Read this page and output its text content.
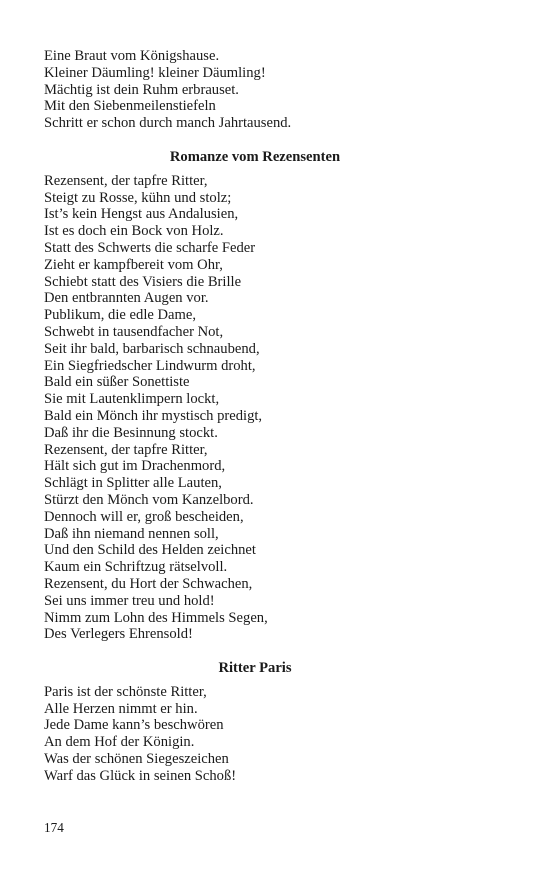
Eine Braut vom Königshause.
Kleiner Däumling! kleiner Däumling!
Mächtig ist dein Ruhm erbrauset.
Mit den Siebenmeilenstiefeln
Schritt er schon durch manch Jahrtausend.
Romanze vom Rezensenten
Rezensent, der tapfre Ritter,
Steigt zu Rosse, kühn und stolz;
Ist’s kein Hengst aus Andalusien,
Ist es doch ein Bock von Holz.
Statt des Schwerts die scharfe Feder
Zieht er kampfbereit vom Ohr,
Schiebt statt des Visiers die Brille
Den entbrannten Augen vor.
Publikum, die edle Dame,
Schwebt in tausendfacher Not,
Seit ihr bald, barbarisch schnaubend,
Ein Siegfriedscher Lindwurm droht,
Bald ein süßer Sonettiste
Sie mit Lautenklimpern lockt,
Bald ein Mönch ihr mystisch predigt,
Daß ihr die Besinnung stockt.
Rezensent, der tapfre Ritter,
Hält sich gut im Drachenmord,
Schlägt in Splitter alle Lauten,
Stürzt den Mönch vom Kanzelbord.
Dennoch will er, groß bescheiden,
Daß ihn niemand nennen soll,
Und den Schild des Helden zeichnet
Kaum ein Schriftzug rätselvoll.
Rezensent, du Hort der Schwachen,
Sei uns immer treu und hold!
Nimm zum Lohn des Himmels Segen,
Des Verlegers Ehrensold!
Ritter Paris
Paris ist der schönste Ritter,
Alle Herzen nimmt er hin.
Jede Dame kann’s beschwören
An dem Hof der Königin.
Was der schönen Siegeszeichen
Warf das Glück in seinen Schoß!
174
